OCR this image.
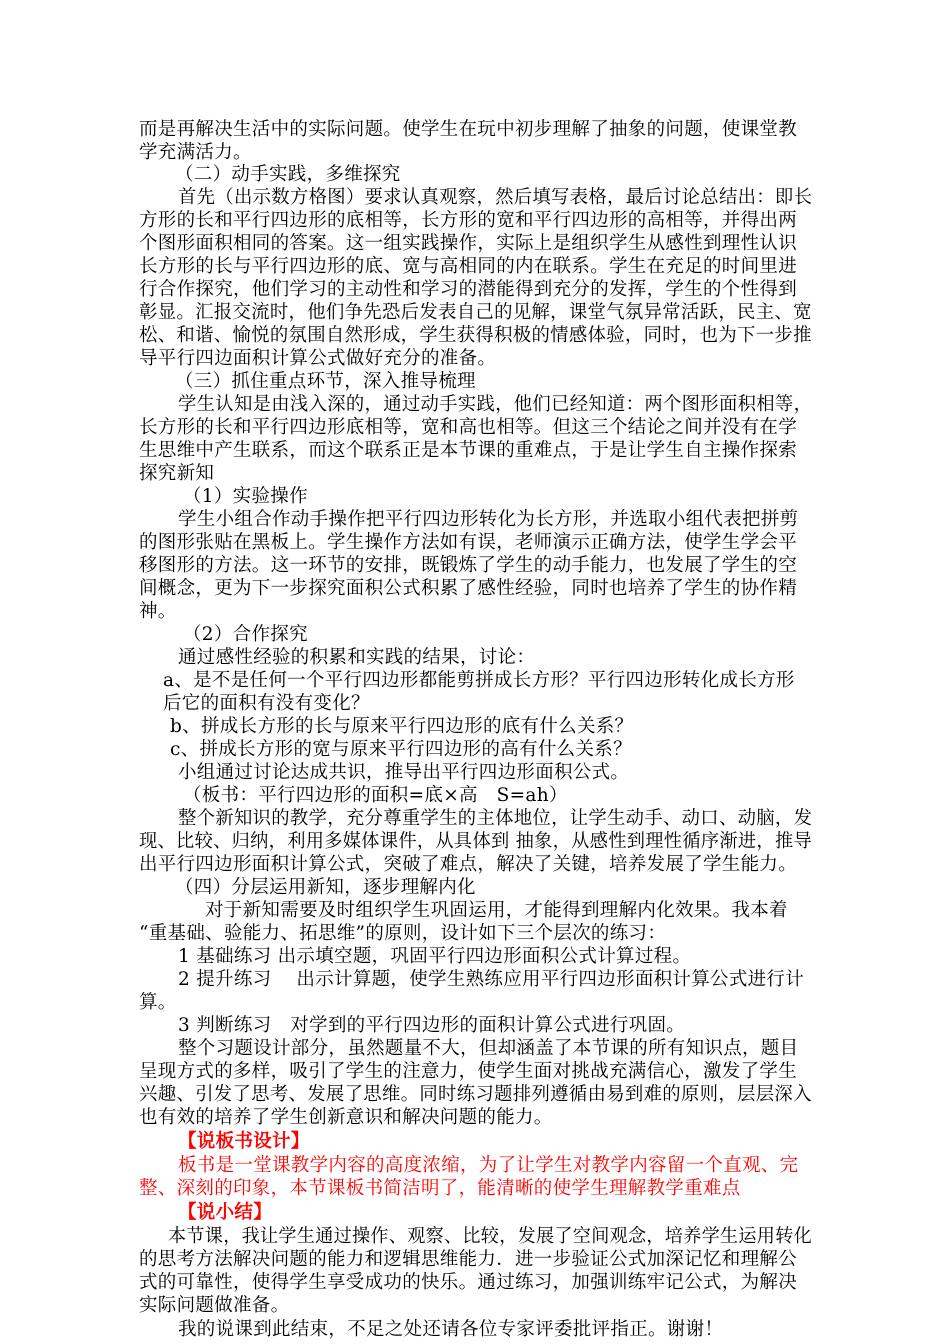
而是再解决生活中的实际问题。使学生在玩中初步理解了抽象的问题，使课堂教
学充满活力。
（二）动手实践，多维探究
首先（出示数方格图）要求认真观察，然后填写表格，最后讨论总结出：即长
方形的长和平行四边形的底相等，长方形的宽和平行四边形的高相等，并得出两
个图形面积相同的答案。这一组实践操作，实际上是组织学生从感性到理性认识
长方形的长与平行四边形的底、宽与高相同的内在联系。学生在充足的时间里进
行合作探究，他们学习的主动性和学习的潜能得到充分的发挥，学生的个性得到
彰显。汇报交流时，他们争先恐后发表自己的见解，课堂气氛异常活跃，民主、宽
松、和谐、愉悦的氛围自然形成，学生获得积极的情感体验，同时，也为下一步推
导平行四边面积计算公式做好充分的准备。
（三）抓住重点环节，深入推导梳理
学生认知是由浅入深的，通过动手实践，他们已经知道：两个图形面积相等，
长方形的长和平行四边形底相等，宽和高也相等。但这三个结论之间并没有在学
生思维中产生联系，而这个联系正是本节课的重难点，于是让学生自主操作探索
探究新知
（1）实验操作
学生小组合作动手操作把平行四边形转化为长方形，并选取小组代表把拼剪
的图形张贴在黑板上。学生操作方法如有误，老师演示正确方法，使学生学会平
移图形的方法。这一环节的安排，既锻炼了学生的动手能力，也发展了学生的空
间概念，更为下一步探究面积公式积累了感性经验，同时也培养了学生的协作精
神。
（2）合作探究
通过感性经验的积累和实践的结果，讨论：
a、是不是任何一个平行四边形都能剪拼成长方形？平行四边形转化成长方形
后它的面积有没有变化？
b、拼成长方形的长与原来平行四边形的底有什么关系？
c、拼成长方形的宽与原来平行四边形的高有什么关系？
小组通过讨论达成共识，推导出平行四边形面积公式。
（板书：平行四边形的面积=底×高　S=ah）
整个新知识的教学，充分尊重学生的主体地位，让学生动手、动口、动脑，发
现、比较、归纳，利用多媒体课件，从具体到 抽象，从感性到理性循序渐进，推导
出平行四边形面积计算公式，突破了难点，解决了关键，培养发展了学生能力。
（四）分层运用新知，逐步理解内化
对于新知需要及时组织学生巩固运用，才能得到理解内化效果。我本着
“重基础、验能力、拓思维”的原则，设计如下三个层次的练习：
1 基础练习 出示填空题，巩固平行四边形面积公式计算过程。
2 提升练习　 出示计算题，使学生熟练应用平行四边形面积计算公式进行计
算。
3 判断练习　对学到的平行四边形的面积计算公式进行巩固。
整个习题设计部分，虽然题量不大，但却涵盖了本节课的所有知识点，题目
呈现方式的多样，吸引了学生的注意力，使学生面对挑战充满信心，激发了学生
兴趣、引发了思考、发展了思维。同时练习题排列遵循由易到难的原则，层层深入
也有效的培养了学生创新意识和解决问题的能力。
【说板书设计】
板书是一堂课教学内容的高度浓缩，为了让学生对教学内容留一个直观、完
整、深刻的印象，本节课板书简洁明了，能清晰的使学生理解教学重难点
【说小结】
本节课，我让学生通过操作、观察、比较，发展了空间观念，培养学生运用转化
的思考方法解决问题的能力和逻辑思维能力．进一步验证公式加深记忆和理解公
式的可靠性，使得学生享受成功的快乐。通过练习，加强训练牢记公式，为解决
实际问题做准备。
我的说课到此结束，不足之处还请各位专家评委批评指正。谢谢！
